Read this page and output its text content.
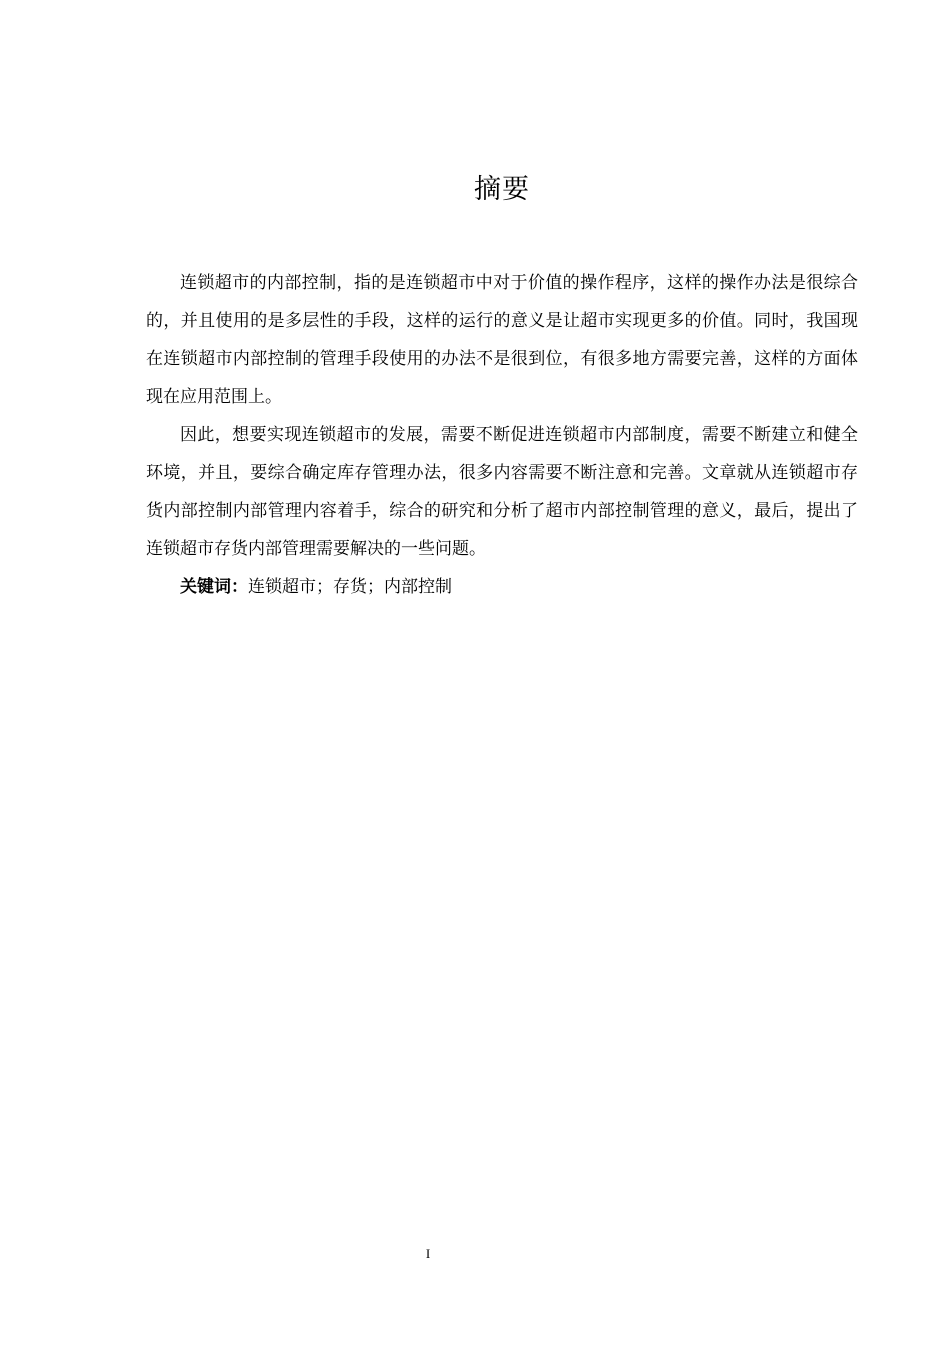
摘要

连锁超市的内部控制，指的是连锁超市中对于价值的操作程序，这样的操作办法是很综合的，并且使用的是多层性的手段，这样的运行的意义是让超市实现更多的价值。同时，我国现在连锁超市内部控制的管理手段使用的办法不是很到位，有很多地方需要完善，这样的方面体现在应用范围上。

因此，想要实现连锁超市的发展，需要不断促进连锁超市内部制度，需要不断建立和健全环境，并且，要综合确定库存管理办法，很多内容需要不断注意和完善。文章就从连锁超市存货内部控制内部管理内容着手，综合的研究和分析了超市内部控制管理的意义，最后，提出了连锁超市存货内部管理需要解决的一些问题。

关键词：连锁超市；存货；内部控制

I
